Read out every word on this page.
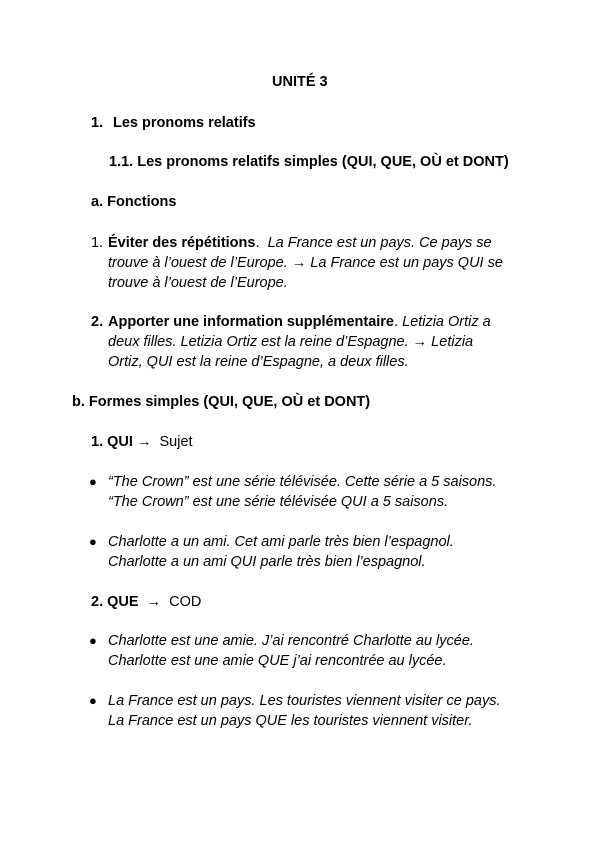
UNITÉ 3
1. Les pronoms relatifs
1.1. Les pronoms relatifs simples (QUI, QUE, OÙ et DONT)
a. Fonctions
1. Éviter des répétitions. La France est un pays. Ce pays se
trouve à l’ouest de l’Europe. → La France est un pays QUI se
trouve à l’ouest de l’Europe.
2. Apporter une information supplémentaire. Letizia Ortiz a
deux filles. Letizia Ortiz est la reine d’Espagne. → Letizia
Ortiz, QUI est la reine d’Espagne, a deux filles.
b. Formes simples (QUI, QUE, OÙ et DONT)
1. QUI → Sujet
● “The Crown” est une série télévisée. Cette série a 5 saisons.
“The Crown” est une série télévisée QUI a 5 saisons.
● Charlotte a un ami. Cet ami parle très bien l’espagnol.
Charlotte a un ami QUI parle très bien l’espagnol.
2. QUE → COD
● Charlotte est une amie. J’ai rencontré Charlotte au lycée.
Charlotte est une amie QUE j’ai rencontrée au lycée.
● La France est un pays. Les touristes viennent visiter ce pays.
La France est un pays QUE les touristes viennent visiter.
